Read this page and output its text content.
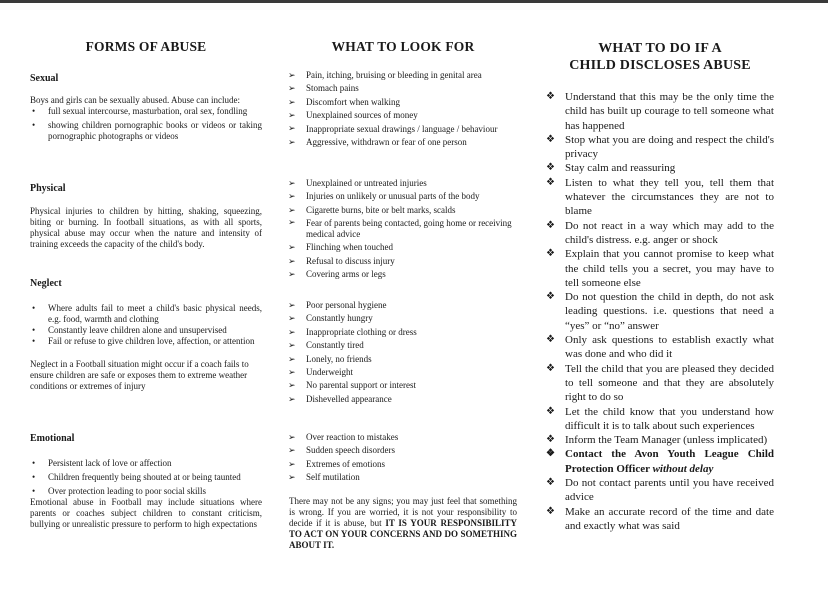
FORMS OF ABUSE
Sexual
Boys and girls can be sexually abused. Abuse can include:
• full sexual intercourse, masturbation, oral sex, fondling
• showing children pornographic books or videos or taking pornographic photographs or videos
Physical
Physical injuries to children by hitting, shaking, squeezing, biting or burning. In football situations, as with all sports, physical abuse may occur when the nature and intensity of training exceeds the capacity of the child's body.
Neglect
• Where adults fail to meet a child's basic physical needs, e.g. food, warmth and clothing
• Constantly leave children alone and unsupervised
• Fail or refuse to give children love, affection, or attention
Neglect in a Football situation might occur if a coach fails to ensure children are safe or exposes them to extreme weather conditions or extremes of injury
Emotional
• Persistent lack of love or affection
• Children frequently being shouted at or being taunted
• Over protection leading to poor social skills
Emotional abuse in Football may include situations where parents or coaches subject children to constant criticism, bullying or unrealistic pressure to perform to high expectations
WHAT TO LOOK FOR
➢ Pain, itching, bruising or bleeding in genital area
➢ Stomach pains
➢ Discomfort when walking
➢ Unexplained sources of money
➢ Inappropriate sexual drawings / language / behaviour
➢ Aggressive, withdrawn or fear of one person
➢ Unexplained or untreated injuries
➢ Injuries on unlikely or unusual parts of the body
➢ Cigarette burns, bite or belt marks, scalds
➢ Fear of parents being contacted, going home or receiving medical advice
➢ Flinching when touched
➢ Refusal to discuss injury
➢ Covering arms or legs
➢ Poor personal hygiene
➢ Constantly hungry
➢ Inappropriate clothing or dress
➢ Constantly tired
➢ Lonely, no friends
➢ Underweight
➢ No parental support or interest
➢ Dishevelled appearance
➢ Over reaction to mistakes
➢ Sudden speech disorders
➢ Extremes of emotions
➢ Self mutilation
There may not be any signs; you may just feel that something is wrong. If you are worried, it is not your responsibility to decide if it is abuse, but IT IS YOUR RESPONSIBILITY TO ACT ON YOUR CONCERNS AND DO SOMETHING ABOUT IT.
WHAT TO DO IF A
CHILD DISCLOSES ABUSE
❖ Understand that this may be the only time the child has built up courage to tell someone what has happened
❖ Stop what you are doing and respect the child's privacy
❖ Stay calm and reassuring
❖ Listen to what they tell you, tell them that whatever the circumstances they are not to blame
❖ Do not react in a way which may add to the child's distress. e.g. anger or shock
❖ Explain that you cannot promise to keep what the child tells you a secret, you may have to tell someone else
❖ Do not question the child in depth, do not ask leading questions. i.e. questions that need a “yes” or “no” answer
❖ Only ask questions to establish exactly what was done and who did it
❖ Tell the child that you are pleased they decided to tell someone and that they are absolutely right to do so
❖ Let the child know that you understand how difficult it is to talk about such experiences
❖ Inform the Team Manager (unless implicated)
❖ Contact the Avon Youth League Child Protection Officer without delay
❖ Do not contact parents until you have received advice
❖ Make an accurate record of the time and date and exactly what was said
